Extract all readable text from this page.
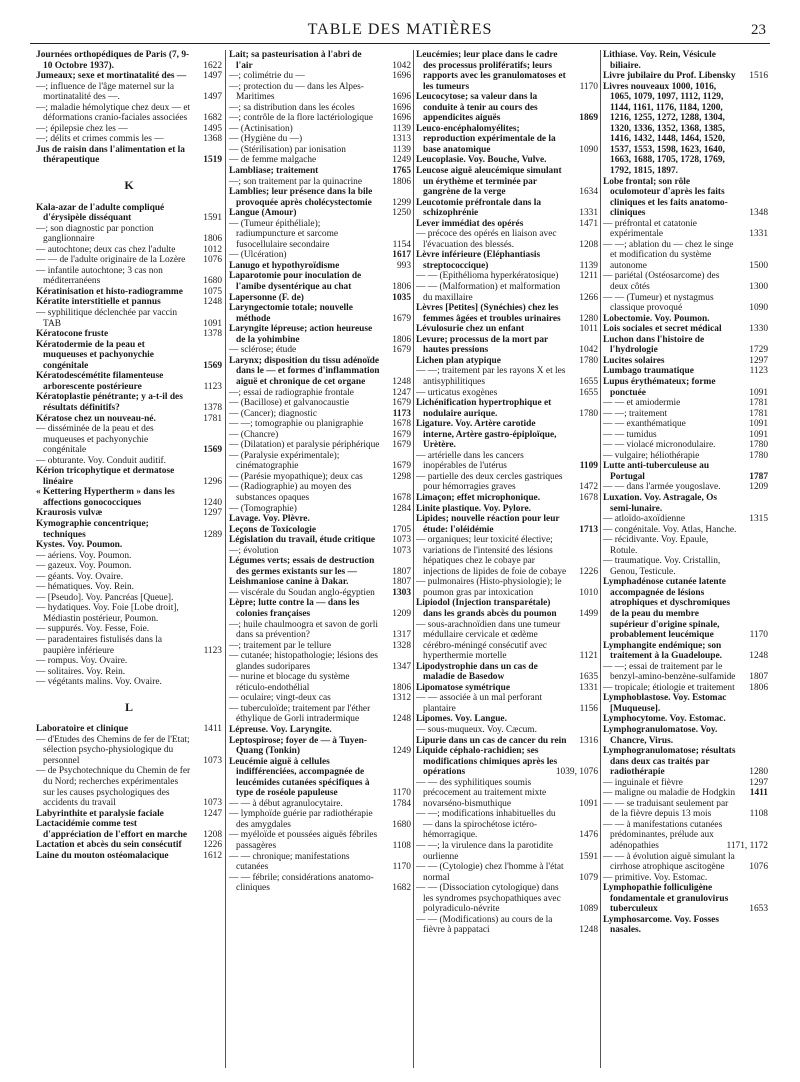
TABLE DES MATIÈRES	23
Journées orthopédiques de Paris (7, 9-10 Octobre 1937).	1622
Jumeaux; sexe et mortinatalité des — 1497
—; influence de l'âge maternel sur la mortinatalité des —.	1497
—; maladie hémolytique chez deux — et déformations cranio-faciales associées 1682
—; épilepsie chez les —	1495
—; délits et crimes commis les —	1368
Jus de raisin dans l'alimentation et la thérapeutique	1519
K
Kala-azar de l'adulte compliqué d'érysipèle disséquant	1591
—; son diagnostic par ponction ganglionnaire	1806
— autochtone; deux cas chez l'adulte	1012
— — de l'adulte originaire de la Lozère 1076
— infantile autochtone; 3 cas non méditerranéens	1680
Kératinisation et histo-radiogramme 1075
Kératite interstitielle et pannus	1248
— syphilitique déclenchée par vaccin TAB	1091
Kératocone fruste	1378
Kératodermie de la peau et muqueuses et pachyonychie congénitale	1569
Kératodescémétite filamenteuse arborescente postérieure	1123
Kératoplastie pénétrante; y a-t-il des résultats définitifs?	1378
Kératose chez un nouveau-né.	1781
— disséminée de la peau et des muqueuses et pachyonychie congénitale	1569
— obturante. Voy. Conduit auditif.
Kérion tricophytique et dermatose linéaire	1296
« Kettering Hypertherm » dans les affections gonococciques	1240
Kraurosis vulvæ	1297
Kymographie concentrique; techniques	1289
Kystes. Voy. Poumon.
— aériens. Voy. Poumon.
— gazeux. Voy. Poumon.
— géants. Voy. Ovaire.
— hématiques. Voy. Rein.
— [Pseudo]. Voy. Pancréas [Queue].
— hydatiques. Voy. Foie [Lobe droit], Médiastin postérieur, Poumon.
— suppurés. Voy. Fesse, Foie.
— paradentaires fistulisés dans la paupière inférieure	1123
— rompus. Voy. Ovaire.
— solitaires. Voy. Rein.
— végétants malins. Voy. Ovaire.
L
Laboratoire et clinique	1411
— d'Etudes des Chemins de fer de l'Etat; sélection psycho-physiologique du personnel	1073
— de Psychotechnique du Chemin de fer du Nord; recherches expérimentales sur les causes psychologiques des accidents du travail	1073
Labyrinthite et paralysie faciale	1247
Lactacidémie comme test d'appréciation de l'effort en marche 1208
Lactation et abcès du sein consécutif 1226
Laine du mouton ostéomalacique	1612
Lait; sa pasteurisation à l'abri de l'air	1042
—; colimétrie du —	1696
—; protection du — dans les Alpes-Maritimes	1696
—; sa distribution dans les écoles	1696
—; contrôle de la flore lactériologique 1696
— (Actinisation)	1139
— (Hygiène du —)	1313
— (Stérilisation) par ionisation	1139
— de femme malgache	1249
Lambliase; traitement	1765
—; son traitement par la quinacrine	1806
Lamblies; leur présence dans la bile provoquée après cholécystectomie 1299
Langue (Amour)	1250
— (Tumeur épithéliale); radiumpuncture et sarcome fusocellulaire secondaire	1154
— (Ulcération)	1617
Lanugo et hypothyroïdisme	993
Laparotomie pour inoculation de l'amibe dysentérique au chat	1806
Lapersonne (F. de)	1035
Laryngectomie totale; nouvelle méthode	1679
Laryngite lépreuse; action heureuse de la yohimbine	1806
— sclérose; étude	1679
Larynx; disposition du tissu adénoïde dans le — et formes d'inflammation aiguë et chronique de cet organe	1248
—; essai de radiographie frontale	1247
— (Bacillose) et galvanocaustie	1679
— (Cancer); diagnostic	1173
— —; tomographie ou planigraphie	1678
— (Chancre)	1679
— (Dilatation) et paralysie périphérique 1679
— (Paralysie expérimentale); cinématographie	1679
— (Parésie myopathique); deux cas	1298
— (Radiographie) au moyen des substances opaques	1678
— (Tomographie)	1284
Lavage. Voy. Plèvre.
Leçons de Toxicologie	1705
Législation du travail, étude critique 1073
—; évolution	1073
Légumes verts; essais de destruction des germes existants sur les —	1807
Leishmaniose canine à Dakar.	1807
— viscérale du Soudan anglo-égyptien 1303
Lèpre; lutte contre la — dans les colonies françaises	1209
—; huile chaulmoogra et savon de gorli dans sa prévention?	1317
—; traitement par le tellure	1328
— cutanée; histopathologie; lésions des glandes sudoripares	1347
— nurine et blocage du système réticulo-endothélial	1806
— oculaire; vingt-deux cas	1312
— tuberculoïde; traitement par l'éther éthylique de Gorli intradermique	1248
Lépreuse. Voy. Laryngite.
Leptospirose; foyer de — à Tuyen-Quang (Tonkin)	1249
Leucémie aiguë à cellules indifférenciées, accompagnée de leucémides cutanées spécifiques à type de roséole papuleuse	1170
— — à début agranulocytaire.	1784
— lymphoïde guérie par radiothérapie des amygdales	1680
— myéloïde et poussées aiguës fébriles passagères	1108
— — chronique; manifestations cutanées	1170
— — fébrile; considérations anatomo-cliniques	1682
Leucémies; leur place dans le cadre des processus prolifératifs; leurs rapports avec les granulomatoses et les tumeurs	1170
Leucocytose; sa valeur dans la conduite à tenir au cours des appendicites aiguës	1869
Leuco-encéphalomyélites; reproduction expérimentale de la base anatomique	1090
Leucoplasie. Voy. Bouche, Vulve.
Leucose aiguë aleucémique simulant un érythème et terminée par gangrène de la verge	1634
Leucotomie préfrontale dans la schizophrénie	1331
Lever immédiat des opérés	1471
— précoce des opérés en liaison avec l'évacuation des blessés.	1208
Lèvre inférieure (Eléphantiasis streptococcique)	1139
— — (Epithélioma hyperkératosique) 1211
— — (Malformation) et malformation du maxillaire	1266
Lèvres [Petites] (Synéchies) chez les femmes âgées et troubles urinaires 1280
Lévulosurie chez un enfant	1011
Levure; processus de la mort par hautes pressions	1042
Lichen plan atypique	1780
— —; traitement par les rayons X et les antisyphilitiques	1655
— urticatus exogènes	1655
Lichénification hypertrophique et nodulaire aurique.	1780
Ligature. Voy. Artère carotide interne, Artère gastro-épiploïque, Urètère.
— artérielle dans les cancers inopérables de l'utérus	1109
— partielle des deux cercles gastriques pour hémorragies graves	1472
Limaçon; effet microphonique.	1678
Linite plastique. Voy. Pylore.
Lipides; nouvelle réaction pour leur étude: l'oléidémie	1713
— organiques; leur toxicité élective; variations de l'intensité des lésions hépatiques chez le cobaye par injections de lipides de foie de cobaye 1226
— pulmonaires (Histo-physiologie); le poumon gras par intoxication	1010
Lipiodol (Injection transparétale) dans les grands abcès du poumon 1499
— sous-arachnoïdien dans une tumeur médullaire cervicale et œdème cérébro-méningé consécutif avec hyperthermie mortelle	1121
Lipodystrophie dans un cas de maladie de Basedow	1635
Lipomatose symétrique	1331
— — associée à un mal perforant plantaire	1156
Lipomes. Voy. Langue.
— sous-muqueux. Voy. Cæcum.
Lipurie dans un cas de cancer du rein 1316
Liquide céphalo-rachidien; ses modifications chimiques après les opérations	1039, 1076
— — des syphilitiques soumis précocement au traitement mixte novarséno-bismuthique	1091
— —; modifications inhabituelles du — dans la spirochétose ictéro-hémorragique.	1476
— —; la virulence dans la parotidite ourlienne	1591
— — (Cytologie) chez l'homme à l'état normal	1079
— — (Dissociation cytologique) dans les syndromes psychopathiques avec polyradiculo-névrite	1089
— — (Modifications) au cours de la fièvre à pappataci	1248
Lithiase. Voy. Rein, Vésicule biliaire.
Livre jubilaire du Prof. Libensky 1516
Livres nouveaux 1000, 1016, 1065, 1079, 1097, 1112, 1129, 1144, 1161, 1176, 1184, 1200, 1216, 1255, 1272, 1288, 1304, 1320, 1336, 1352, 1368, 1385, 1416, 1432, 1448, 1464, 1520, 1537, 1553, 1598, 1623, 1640, 1663, 1688, 1705, 1728, 1769, 1792, 1815, 1897.
Lobe frontal; son rôle oculomoteur d'après les faits cliniques et les faits anatomo-cliniques	1348
— préfrontal et catatonie expérimentale	1331
— —; ablation du — chez le singe et modification du système autonome	1500
— pariétal (Ostéosarcome) des deux côtés	1300
— — (Tumeur) et nystagmus classique provoqué	1090
Lobectomie. Voy. Poumon.
Lois sociales et secret médical	1330
Luchon dans l'histoire de l'hydrologie	1729
Lucites solaires	1297
Lumbago traumatique	1123
Lupus érythémateux; forme ponctuée	1091
— — et amiodermie	1781
— —; traitement	1781
— — exanthématique	1091
— — tumidus	1091
— — violacé micronodulaire.	1780
— vulgaire; héliothérapie	1780
Lutte anti-tuberculeuse au Portugal	1787
— — dans l'armée yougoslave.	1209
Luxation. Voy. Astragale, Os semi-lunaire.
— atloïdo-axoïdienne	1315
— congénitale. Voy. Atlas, Hanche.
— récidivante. Voy. Epaule, Rotule.
— traumatique. Voy. Cristallin, Genou, Testicule.
Lymphadénose cutanée latente accompagnée de lésions atrophiques et dyschromiques de la peau du membre supérieur d'origine spinale, probablement leucémique	1170
Lymphangite endémique; son traitement à la Guadeloupe.	1248
— —; essai de traitement par le benzyl-amino-benzène-sulfamide 1807
— tropicale; étiologie et traitement 1806
Lymphoblastose. Voy. Estomac [Muqueuse].
Lymphocytome. Voy. Estomac.
Lymphogranulomatose. Voy. Chancre, Virus.
Lymphogranulomatose; résultats dans deux cas traités par radiothérapie	1280
— inguinale et fièvre	1297
— maligne ou maladie de Hodgkin 1411
— — se traduisant seulement par de la fièvre depuis 13 mois	1108
— — à manifestations cutanées prédominantes, prélude aux adénopathies	1171, 1172
— — à évolution aiguë simulant la cirrhose atrophique ascitogène	1076
— primitive. Voy. Estomac.
Lymphopathie folliculigène fondamentale et granulovirus tuberculeux	1653
Lymphosarcome. Voy. Fosses nasales.
